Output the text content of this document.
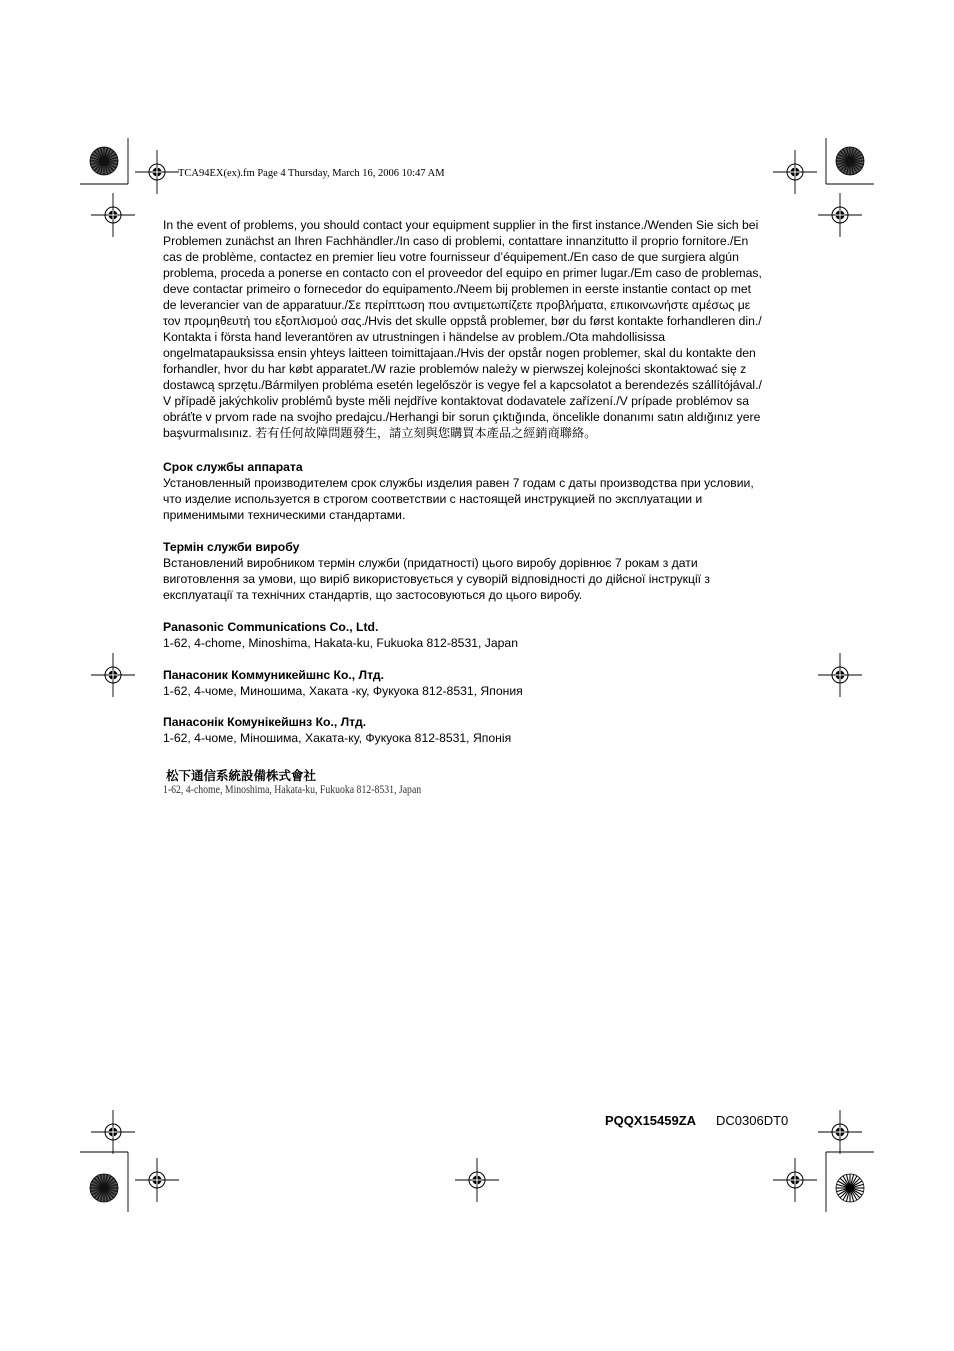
TCA94EX(ex).fm Page 4 Thursday, March 16, 2006 10:47 AM

In the event of problems, you should contact your equipment supplier in the first instance./Wenden Sie sich bei
Problemen zunächst an Ihren Fachhändler./In caso di problemi, contattare innanzitutto il proprio fornitore./En
cas de problème, contactez en premier lieu votre fournisseur d’équipement./En caso de que surgiera algún
problema, proceda a ponerse en contacto con el proveedor del equipo en primer lugar./Em caso de problemas,
deve contactar primeiro o fornecedor do equipamento./Neem bij problemen in eerste instantie contact op met
de leverancier van de apparatuur./Σε περίπτωση που αντιμετωπίζετε προβλήματα, επικοινωνήστε αμέσως με
τον προμηθευτή του εξοπλισμού σας./Hvis det skulle oppstå problemer, bør du først kontakte forhandleren din./
Kontakta i första hand leverantören av utrustningen i händelse av problem./Ota mahdollisissa
ongelmatapauksissa ensin yhteys laitteen toimittajaan./Hvis der opstår nogen problemer, skal du kontakte den
forhandler, hvor du har købt apparatet./W razie problemów należy w pierwszej kolejności skontaktować się z
dostawcą sprzętu./Bármilyen probléma esetén legelőször is vegye fel a kapcsolatot a berendezés szállítójával./
V případě jakýchkoliv problémů byste měli nejdříve kontaktovat dodavatele zařízení./V prípade problémov sa
obráťte v prvom rade na svojho predajcu./Herhangi bir sorun çıktığında, öncelikle donanımı satın aldığınız yere
başvurmalısınız. 若有任何故障問題發生，請立刻與您購買本產品之經銷商聯絡。

Срок службы аппарата
Установленный производителем срок службы изделия равен 7 годам с даты производства при условии,
что изделие используется в строгом соответствии с настоящей инструкцией по эксплуатации и
применимыми техническими стандартами.

Термін служби виробу
Встановлений виробником термін служби (придатності) цього виробу дорівнює 7 рокам з дати
виготовлення за умови, що виріб використовується у суворій відповідності до дійсної інструкції з
експлуатації та технічних стандартів, що застосовуються до цього виробу.

Panasonic Communications Co., Ltd.
1-62, 4-chome, Minoshima, Hakata-ku, Fukuoka 812-8531, Japan

Панасоник Коммуникейшнс Ко., Лтд.
1-62, 4-чоме, Миношима, Хаката -ку, Фукуока 812-8531, Япония

Панасонік Комунікейшнз Ко., Лтд.
1-62, 4-чоме, Міношима, Хаката-ку, Фукуока 812-8531, Японія

松下通信系統設備株式會社
1-62, 4-chome, Minoshima, Hakata-ku, Fukuoka 812-8531, Japan
PQQX15459ZA DC0306DT0
